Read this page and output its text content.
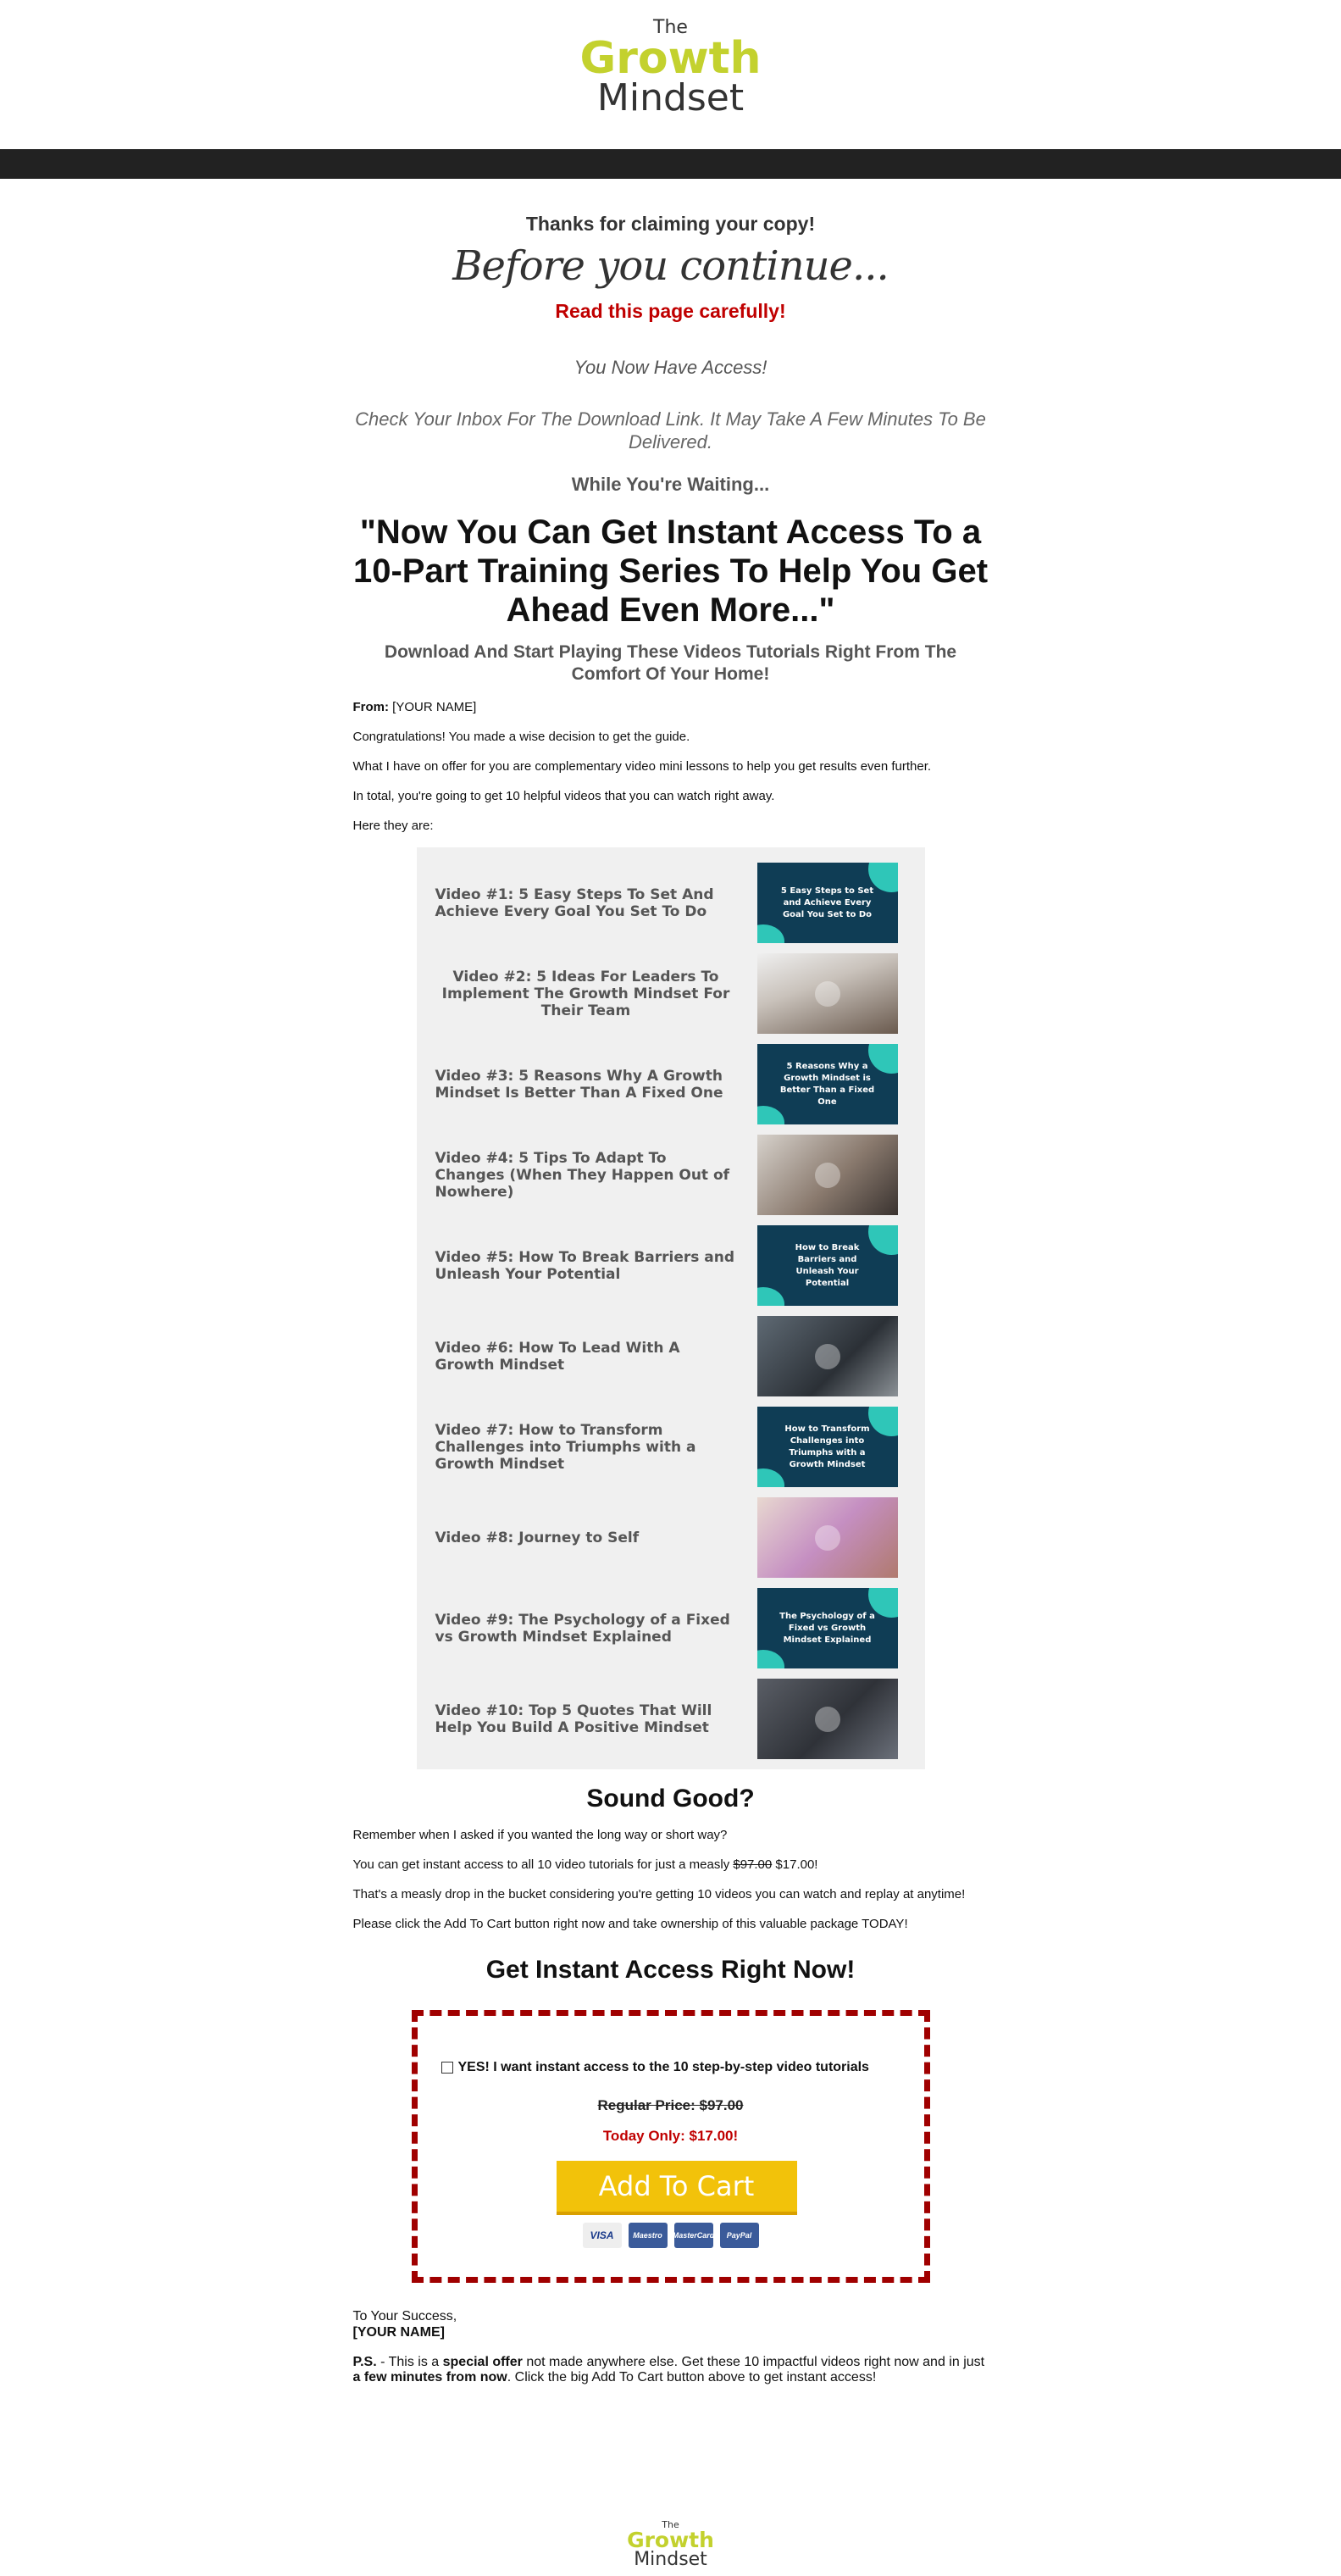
The
Growth
Mindset
Thanks for claiming your copy!
Before you continue...
Read this page carefully!
You Now Have Access!
Check Your Inbox For The Download Link. It May Take A Few Minutes To Be Delivered.
While You're Waiting...
"Now You Can Get Instant Access To a 10-Part Training Series To Help You Get Ahead Even More..."
Download And Start Playing These Videos Tutorials Right From The Comfort Of Your Home!
From: [YOUR NAME]
Congratulations! You made a wise decision to get the guide.
What I have on offer for you are complementary video mini lessons to help you get results even further.
In total, you're going to get 10 helpful videos that you can watch right away.
Here they are:
Video #1: 5 Easy Steps To Set And Achieve Every Goal You Set To Do
5 Easy Steps to Set and Achieve Every Goal You Set to Do
Video #2: 5 Ideas For Leaders To Implement The Growth Mindset For Their Team
Video #3: 5 Reasons Why A Growth Mindset Is Better Than A Fixed One
5 Reasons Why a Growth Mindset is Better Than a Fixed One
Video #4: 5 Tips To Adapt To Changes (When They Happen Out of Nowhere)
Video #5: How To Break Barriers and Unleash Your Potential
How to Break Barriers and Unleash Your Potential
Video #6: How To Lead With A Growth Mindset
Video #7: How to Transform Challenges into Triumphs with a Growth Mindset
How to Transform Challenges into Triumphs with a Growth Mindset
Video #8: Journey to Self
Video #9: The Psychology of a Fixed vs Growth Mindset Explained
The Psychology of a Fixed vs Growth Mindset Explained
Video #10: Top 5 Quotes That Will Help You Build A Positive Mindset
Sound Good?
Remember when I asked if you wanted the long way or short way?
You can get instant access to all 10 video tutorials for just a measly $97.00 $17.00!
That's a measly drop in the bucket considering you're getting 10 videos you can watch and replay at anytime!
Please click the Add To Cart button right now and take ownership of this valuable package TODAY!
Get Instant Access Right Now!
YES! I want instant access to the 10 step-by-step video tutorials
Regular Price: $97.00
Today Only: $17.00!
Add To Cart
VISA	Maestro	MasterCard	PayPal
To Your Success,
[YOUR NAME]
P.S. - This is a special offer not made anywhere else. Get these 10 impactful videos right now and in just a few minutes from now. Click the big Add To Cart button above to get instant access!
The
Growth
Mindset
